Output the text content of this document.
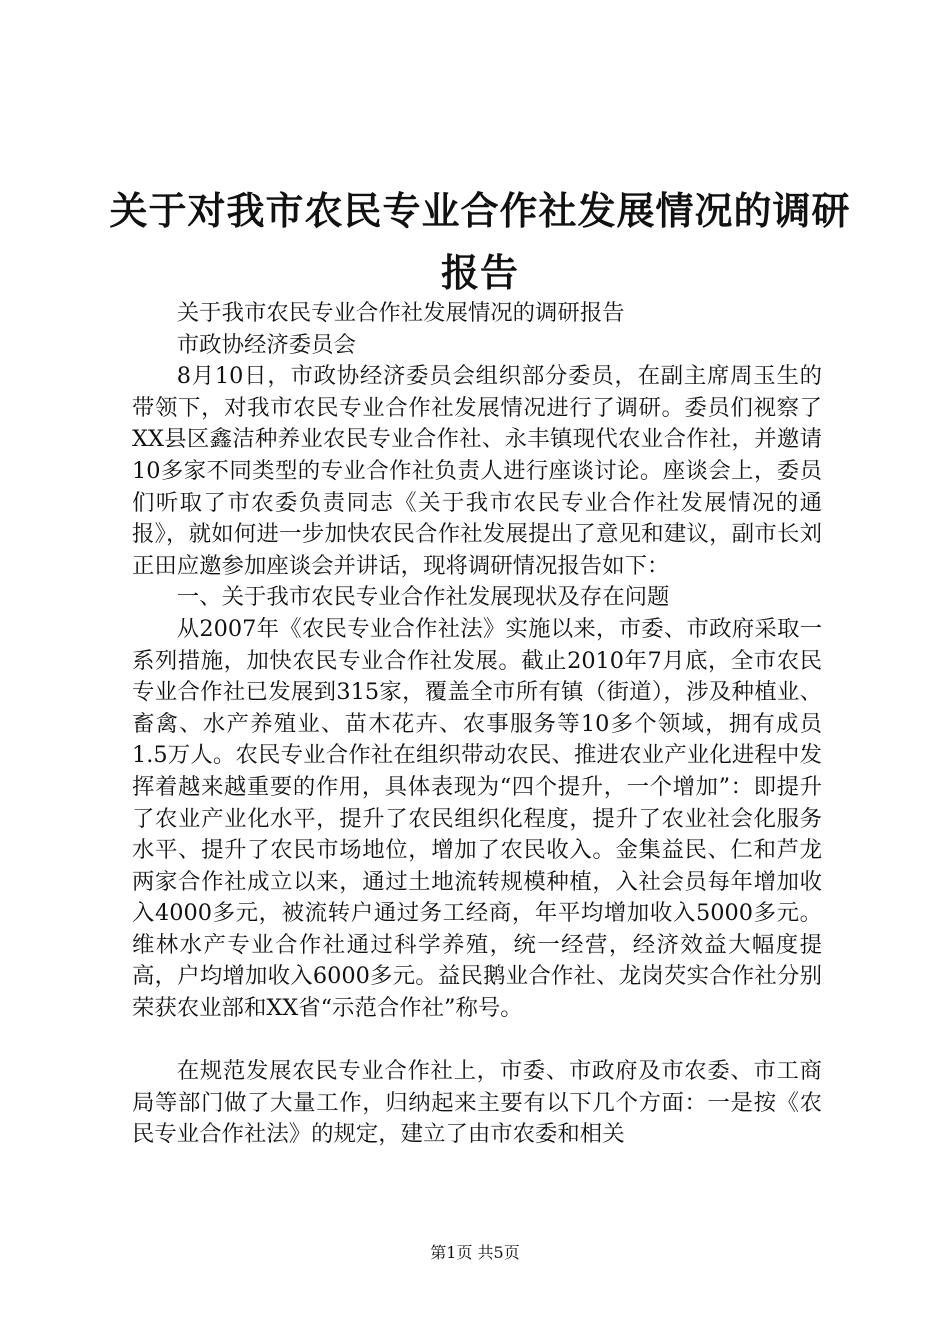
关于对我市农民专业合作社发展情况的调研报告

关于我市农民专业合作社发展情况的调研报告

市政协经济委员会

8月10日，市政协经济委员会组织部分委员，在副主席周玉生的带领下，对我市农民专业合作社发展情况进行了调研。委员们视察了XX县区鑫洁种养业农民专业合作社、永丰镇现代农业合作社，并邀请10多家不同类型的专业合作社负责人进行座谈讨论。座谈会上，委员们听取了市农委负责同志《关于我市农民专业合作社发展情况的通报》，就如何进一步加快农民合作社发展提出了意见和建议，副市长刘正田应邀参加座谈会并讲话，现将调研情况报告如下：

一、关于我市农民专业合作社发展现状及存在问题

从2007年《农民专业合作社法》实施以来，市委、市政府采取一系列措施，加快农民专业合作社发展。截止2010年7月底，全市农民专业合作社已发展到315家，覆盖全市所有镇（街道），涉及种植业、畜禽、水产养殖业、苗木花卉、农事服务等10多个领域，拥有成员1.5万人。农民专业合作社在组织带动农民、推进农业产业化进程中发挥着越来越重要的作用，具体表现为“四个提升，一个增加”：即提升了农业产业化水平，提升了农民组织化程度，提升了农业社会化服务水平、提升了农民市场地位，增加了农民收入。金集益民、仁和芦龙两家合作社成立以来，通过土地流转规模种植，入社会员每年增加收入4000多元，被流转户通过务工经商，年平均增加收入5000多元。维林水产专业合作社通过科学养殖，统一经营，经济效益大幅度提高，户均增加收入6000多元。益民鹅业合作社、龙岗芡实合作社分别荣获农业部和XX省“示范合作社”称号。

在规范发展农民专业合作社上，市委、市政府及市农委、市工商局等部门做了大量工作，归纳起来主要有以下几个方面：一是按《农民专业合作社法》的规定，建立了由市农委和相关

第1页 共5页
